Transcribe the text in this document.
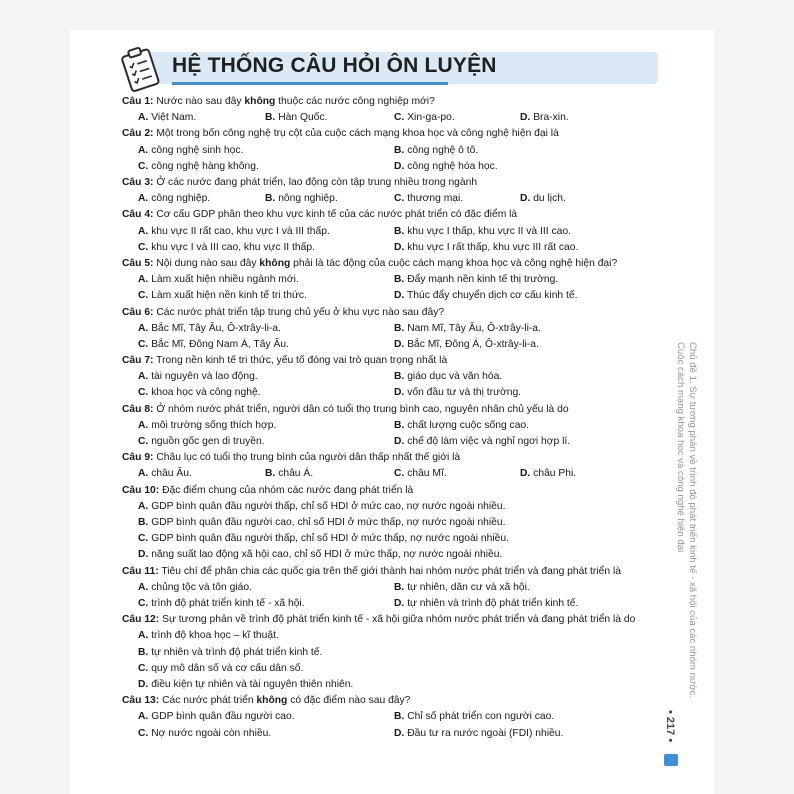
HỆ THỐNG CÂU HỎI ÔN LUYỆN
Câu 1: Nước nào sau đây không thuộc các nước công nghiệp mới?
A. Việt Nam.	B. Hàn Quốc.	C. Xin-ga-po.	D. Bra-xin.
Câu 2: Một trong bốn công nghệ trụ cột của cuộc cách mạng khoa học và công nghệ hiện đại là
A. công nghệ sinh học.	B. công nghệ ô tô.
C. công nghệ hàng không.	D. công nghệ hóa học.
Câu 3: Ở các nước đang phát triển, lao động còn tập trung nhiều trong ngành
A. công nghiệp.	B. nông nghiệp.	C. thương mại.	D. du lịch.
Câu 4: Cơ cấu GDP phân theo khu vực kinh tế của các nước phát triển có đặc điểm là
A. khu vực II rất cao, khu vực I và III thấp.	B. khu vực I thấp, khu vực II và III cao.
C. khu vực I và III cao, khu vực II thấp.	D. khu vực I rất thấp, khu vực III rất cao.
Câu 5: Nội dung nào sau đây không phải là tác động của cuộc cách mạng khoa học và công nghệ hiện đại?
A. Làm xuất hiện nhiều ngành mới.	B. Đẩy mạnh nền kinh tế thị trường.
C. Làm xuất hiện nền kinh tế tri thức.	D. Thúc đẩy chuyển dịch cơ cấu kinh tế.
Câu 6: Các nước phát triển tập trung chủ yếu ở khu vực nào sau đây?
A. Bắc Mĩ, Tây Âu, Ô-xtrây-li-a.	B. Nam Mĩ, Tây Âu, Ô-xtrây-li-a.
C. Bắc Mĩ, Đông Nam Á, Tây Âu.	D. Bắc Mĩ, Đông Á, Ô-xtrây-li-a.
Câu 7: Trong nền kinh tế tri thức, yếu tố đóng vai trò quan trọng nhất là
A. tài nguyên và lao động.	B. giáo dục và văn hóa.
C. khoa học và công nghệ.	D. vốn đầu tư và thị trường.
Câu 8: Ở nhóm nước phát triển, người dân có tuổi thọ trung bình cao, nguyên nhân chủ yếu là do
A. môi trường sống thích hợp.	B. chất lượng cuộc sống cao.
C. nguồn gốc gen di truyền.	D. chế độ làm việc và nghỉ ngơi hợp lí.
Câu 9: Châu lục có tuổi thọ trung bình của người dân thấp nhất thế giới là
A. châu Âu.	B. châu Á.	C. châu Mĩ.	D. châu Phi.
Câu 10: Đặc điểm chung của nhóm các nước đang phát triển là
A. GDP bình quân đầu người thấp, chỉ số HDI ở mức cao, nợ nước ngoài nhiều.
B. GDP bình quân đầu người cao, chỉ số HDI ở mức thấp, nợ nước ngoài nhiều.
C. GDP bình quân đầu người thấp, chỉ số HDI ở mức thấp, nợ nước ngoài nhiều.
D. năng suất lao động xã hội cao, chỉ số HDI ở mức thấp, nợ nước ngoài nhiều.
Câu 11: Tiêu chí để phân chia các quốc gia trên thế giới thành hai nhóm nước phát triển và đang phát triển là
A. chủng tộc và tôn giáo.	B. tự nhiên, dân cư và xã hội.
C. trình độ phát triển kinh tế - xã hội.	D. tự nhiên và trình độ phát triển kinh tế.
Câu 12: Sự tương phản về trình độ phát triển kinh tế - xã hội giữa nhóm nước phát triển và đang phát triển là do
A. trình độ khoa học – kĩ thuật.
B. tự nhiên và trình độ phát triển kinh tế.
C. quy mô dân số và cơ cấu dân số.
D. điều kiện tự nhiên và tài nguyên thiên nhiên.
Câu 13: Các nước phát triển không có đặc điểm nào sau đây?
A. GDP bình quân đầu người cao.	B. Chỉ số phát triển con người cao.
C. Nợ nước ngoài còn nhiều.	D. Đầu tư ra nước ngoài (FDI) nhiều.
Chủ đề 1. Sự tương phản về trình độ phát triển kinh tế - xã hội của các nhóm nước.
Cuộc cách mạng khoa học và công nghệ hiện đại
• 217 •
